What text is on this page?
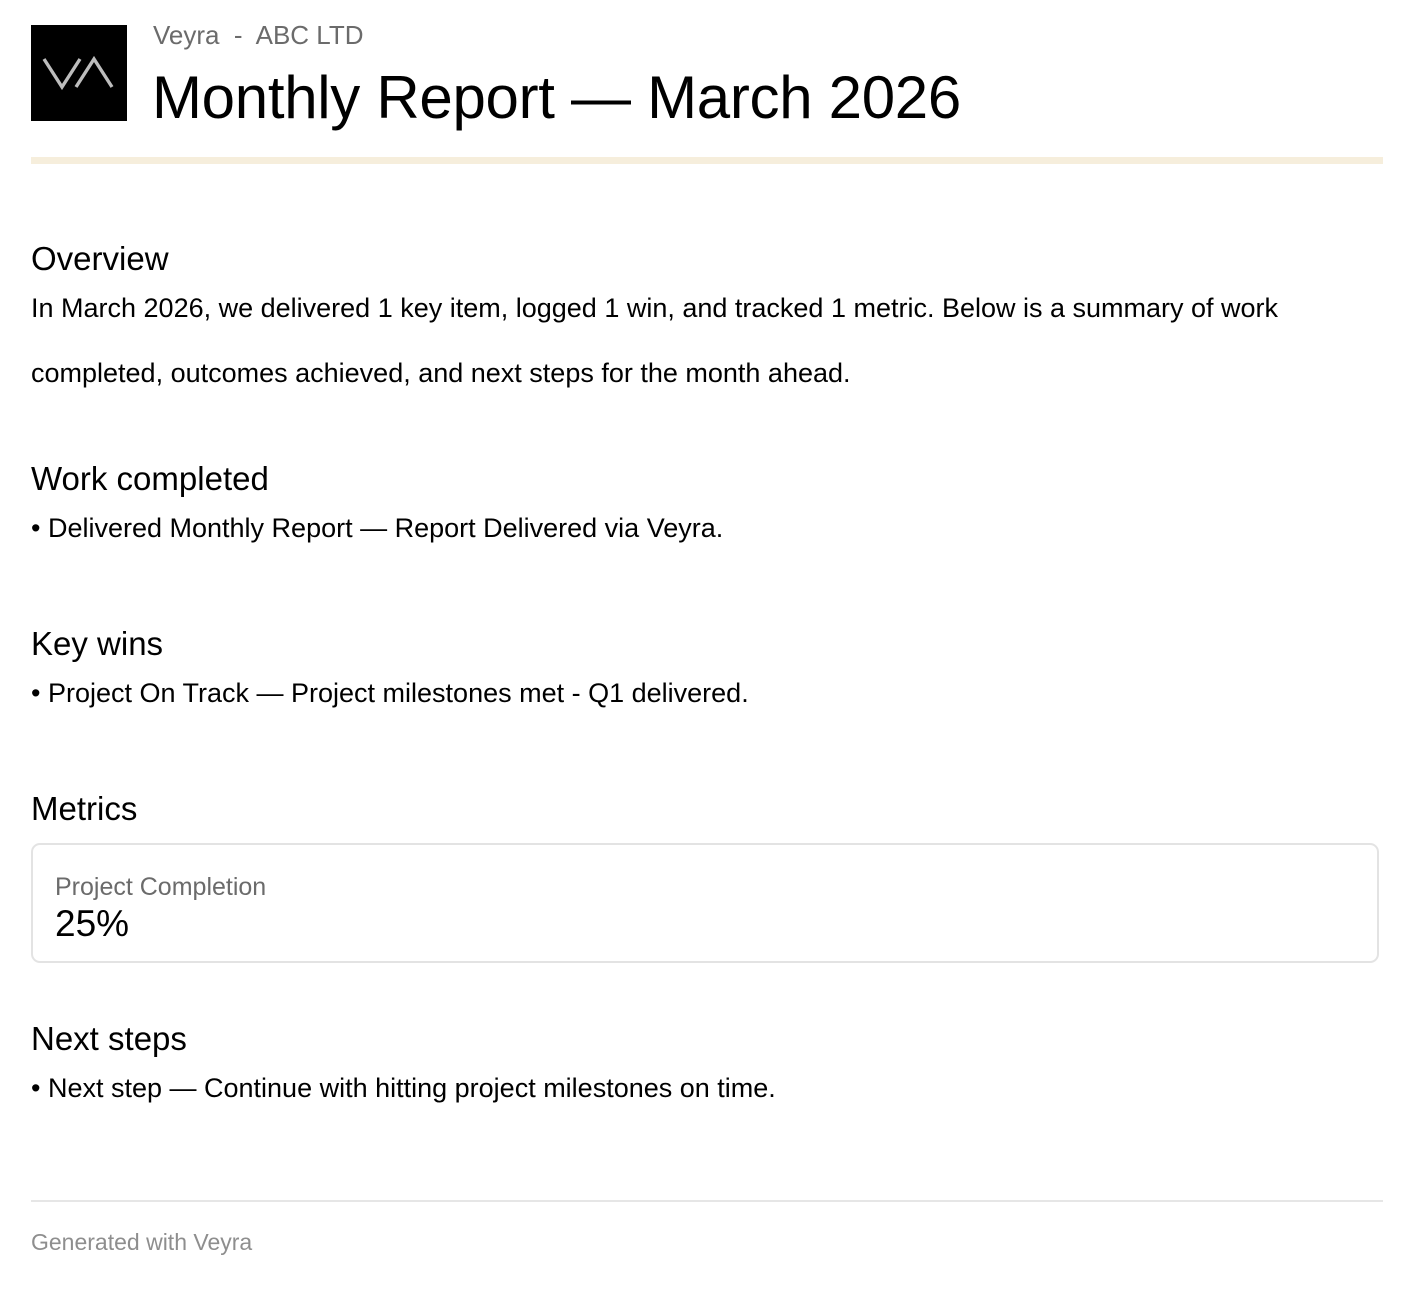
Veyra  -  ABC LTD
Monthly Report — March 2026
Overview

In March 2026, we delivered 1 key item, logged 1 win, and tracked 1 metric. Below is a summary of work completed, outcomes achieved, and next steps for the month ahead.

Work completed

• Delivered Monthly Report — Report Delivered via Veyra.

Key wins

• Project On Track — Project milestones met - Q1 delivered.

Metrics
Project Completion
25%
Next steps

• Next step — Continue with hitting project milestones on time.

Generated with Veyra
